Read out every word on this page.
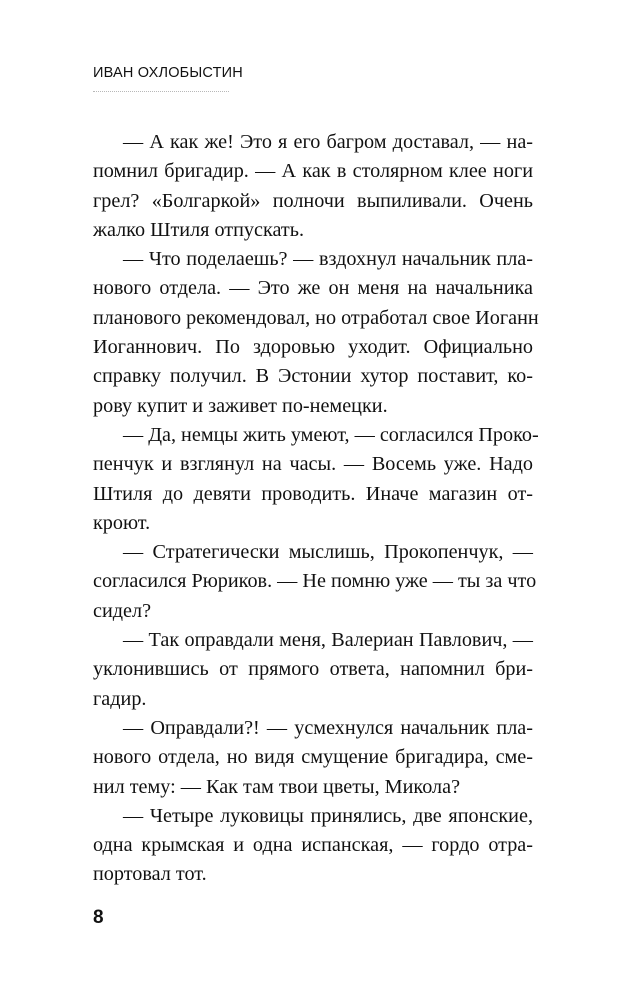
ИВАН ОХЛОБЫСТИН
— А как же! Это я его багром доставал, — на-
помнил бригадир. — А как в столярном клее ноги
грел? «Болгаркой» полночи выпиливали. Очень
жалко Штиля отпускать.
— Что поделаешь? — вздохнул начальник пла-
нового отдела. — Это же он меня на начальника
планового рекомендовал, но отработал свое Иоганн
Иоганнович. По здоровью уходит. Официально
справку получил. В Эстонии хутор поставит, ко-
рову купит и заживет по-немецки.
— Да, немцы жить умеют, — согласился Проко-
пенчук и взглянул на часы. — Восемь уже. Надо
Штиля до девяти проводить. Иначе магазин от-
кроют.
— Стратегически мыслишь, Прокопенчук, —
согласился Рюриков. — Не помню уже — ты за что
сидел?
— Так оправдали меня, Валериан Павлович, —
уклонившись от прямого ответа, напомнил бри-
гадир.
— Оправдали?! — усмехнулся начальник пла-
нового отдела, но видя смущение бригадира, сме-
нил тему: — Как там твои цветы, Микола?
— Четыре луковицы принялись, две японские,
одна крымская и одна испанская, — гордо отра-
портовал тот.
8
